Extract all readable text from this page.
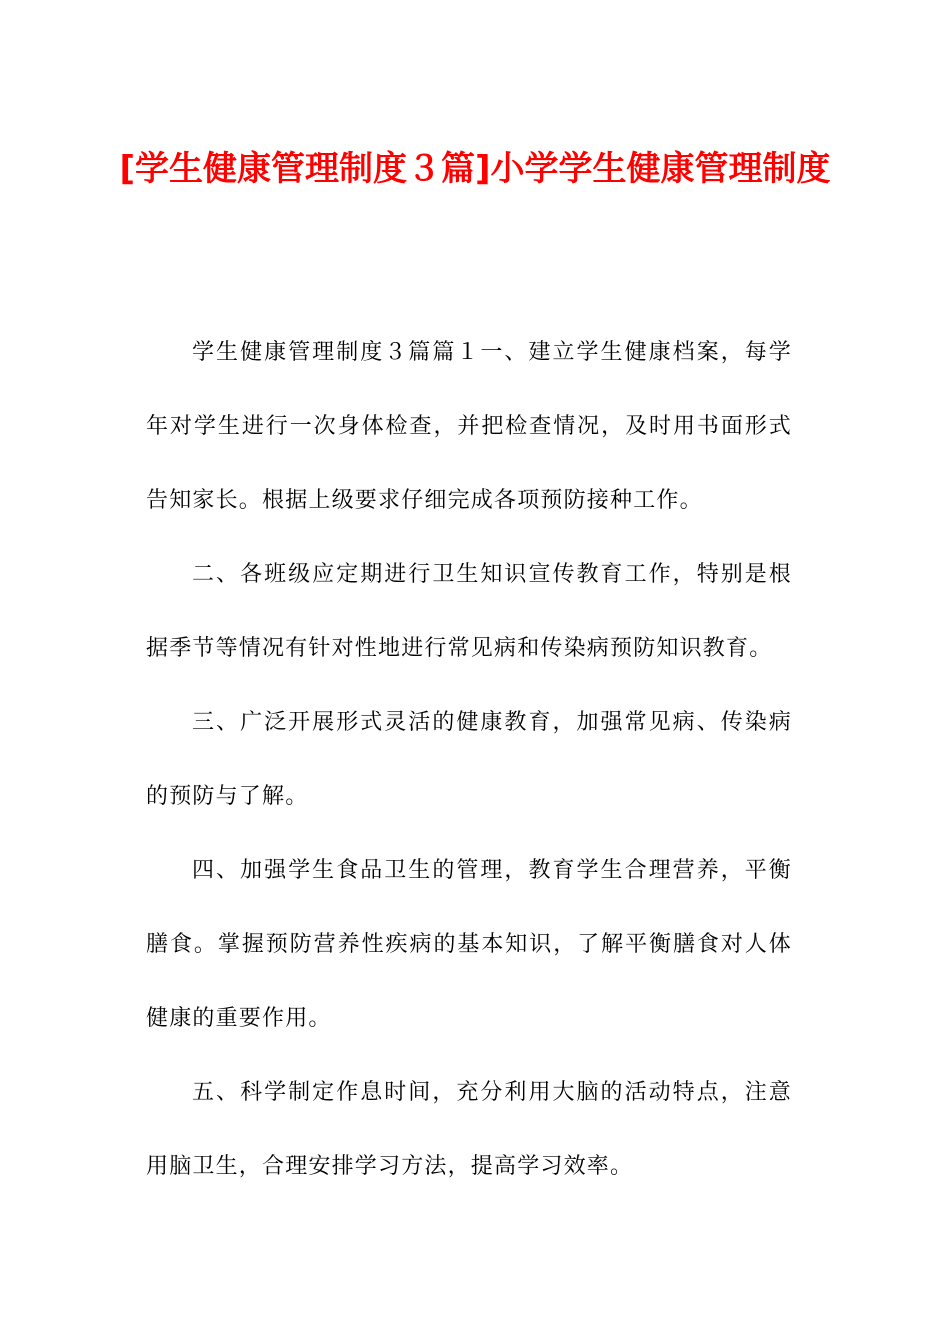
[学生健康管理制度３篇]小学学生健康管理制度

学生健康管理制度３篇篇１一、建立学生健康档案，每学年对学生进行一次身体检查，并把检查情况，及时用书面形式告知家长。根据上级要求仔细完成各项预防接种工作。

二、各班级应定期进行卫生知识宣传教育工作，特别是根据季节等情况有针对性地进行常见病和传染病预防知识教育。

三、广泛开展形式灵活的健康教育，加强常见病、传染病的预防与了解。

四、加强学生食品卫生的管理，教育学生合理营养，平衡膳食。掌握预防营养性疾病的基本知识，了解平衡膳食对人体健康的重要作用。

五、科学制定作息时间，充分利用大脑的活动特点，注意用脑卫生，合理安排学习方法，提高学习效率。
